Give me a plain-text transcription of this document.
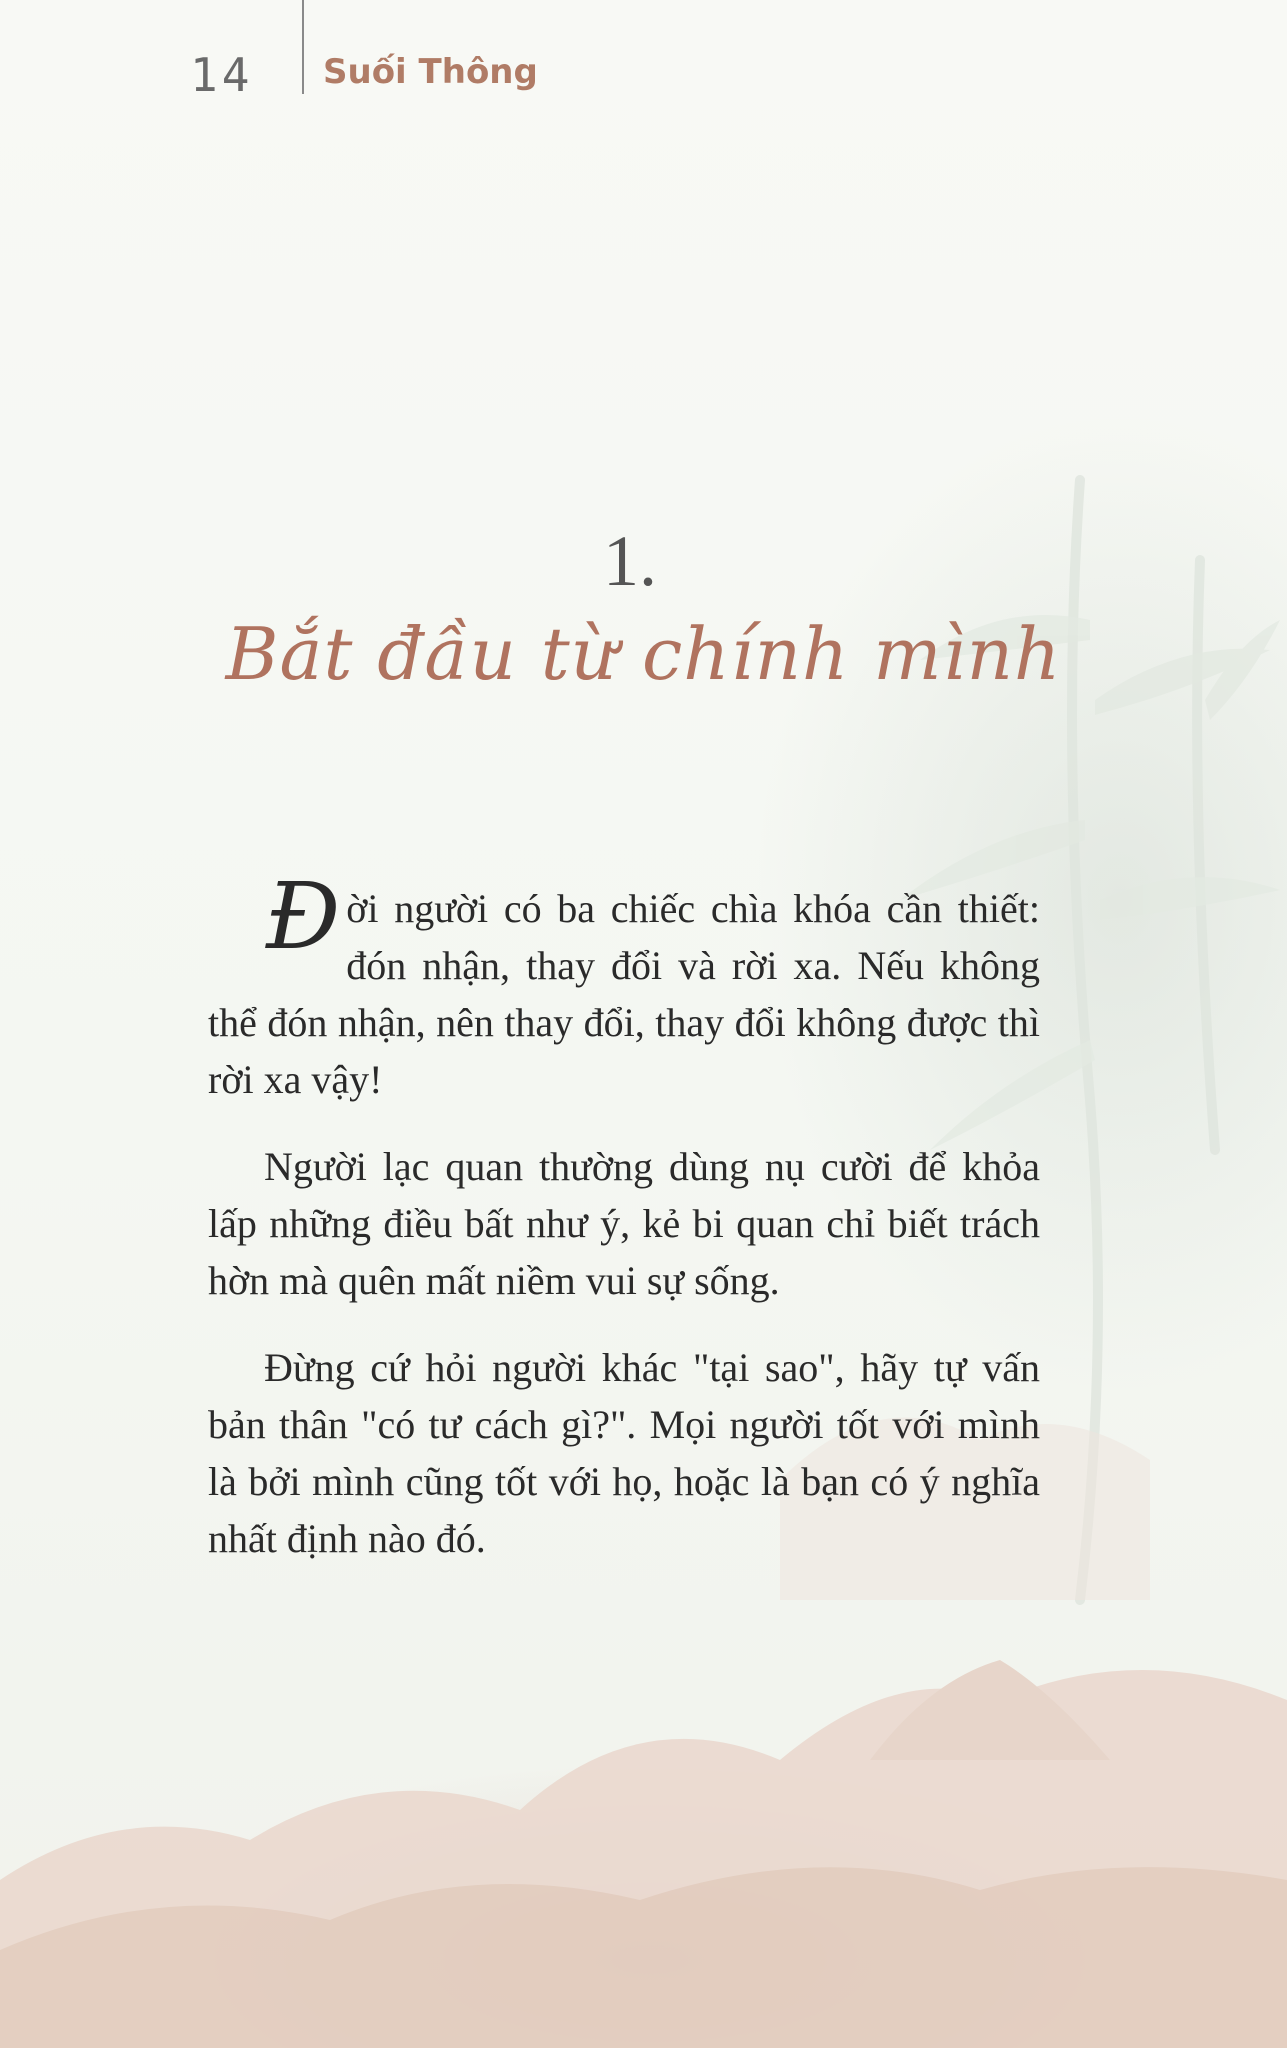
14 Suối Thông
1.
Bắt đầu từ chính mình

Đời người có ba chiếc chìa khóa cần thiết: đón nhận, thay đổi và rời xa. Nếu không thể đón nhận, nên thay đổi, thay đổi không được thì rời xa vậy!

Người lạc quan thường dùng nụ cười để khỏa lấp những điều bất như ý, kẻ bi quan chỉ biết trách hờn mà quên mất niềm vui sự sống.

Đừng cứ hỏi người khác "tại sao", hãy tự vấn bản thân "có tư cách gì?". Mọi người tốt với mình là bởi mình cũng tốt với họ, hoặc là bạn có ý nghĩa nhất định nào đó.
